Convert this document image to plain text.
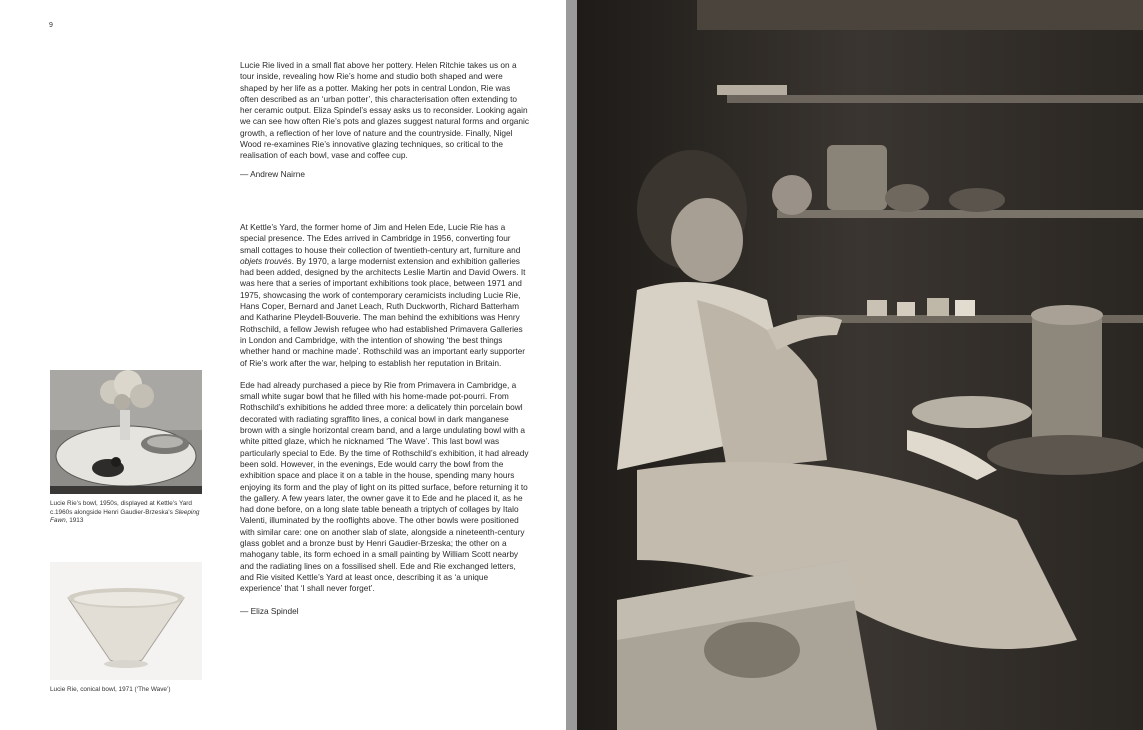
9

Lucie Rie lived in a small flat above her pottery. Helen Ritchie takes us on a tour inside, revealing how Rie’s home and studio both shaped and were shaped by her life as a potter. Making her pots in central London, Rie was often described as an ‘urban potter’, this characterisation often extending to her ceramic output. Eliza Spindel’s essay asks us to reconsider. Looking again we can see how often Rie’s pots and glazes suggest natural forms and organic growth, a reflection of her love of nature and the countryside. Finally, Nigel Wood re-examines Rie’s innovative glazing techniques, so critical to the realisation of each bowl, vase and coffee cup.

— Andrew Nairne

At Kettle’s Yard, the former home of Jim and Helen Ede, Lucie Rie has a special presence. The Edes arrived in Cambridge in 1956, converting four small cottages to house their collection of twentieth-century art, furniture and objets trouvés. By 1970, a large modernist extension and exhibition galleries had been added, designed by the architects Leslie Martin and David Owers. It was here that a series of important exhibitions took place, between 1971 and 1975, showcasing the work of contemporary ceramicists including Lucie Rie, Hans Coper, Bernard and Janet Leach, Ruth Duckworth, Richard Batterham and Katharine Pleydell-Bouverie. The man behind the exhibitions was Henry Rothschild, a fellow Jewish refugee who had established Primavera Galleries in London and Cambridge, with the intention of showing ‘the best things whether hand or machine made’. Rothschild was an important early supporter of Rie’s work after the war, helping to establish her reputation in Britain.

Ede had already purchased a piece by Rie from Primavera in Cambridge, a small white sugar bowl that he filled with his home-made pot-pourri. From Rothschild’s exhibitions he added three more: a delicately thin porcelain bowl decorated with radiating sgraffito lines, a conical bowl in dark manganese brown with a single horizontal cream band, and a large undulating bowl with a white pitted glaze, which he nicknamed ‘The Wave’. This last bowl was particularly special to Ede. By the time of Rothschild’s exhibition, it had already been sold. However, in the evenings, Ede would carry the bowl from the exhibition space and place it on a table in the house, spending many hours enjoying its form and the play of light on its pitted surface, before returning it to the gallery. A few years later, the owner gave it to Ede and he placed it, as he had done before, on a long slate table beneath a triptych of collages by Italo Valenti, illuminated by the rooflights above. The other bowls were positioned with similar care: one on another slab of slate, alongside a nineteenth-century glass goblet and a bronze bust by Henri Gaudier-Brzeska; the other on a mahogany table, its form echoed in a small painting by William Scott nearby and the radiating lines on a fossilised shell. Ede and Rie exchanged letters, and Rie visited Kettle’s Yard at least once, describing it as ‘a unique experience’ that ‘I shall never forget’.

— Eliza Spindel

Lucie Rie’s bowl, 1950s, displayed at Kettle’s Yard c.1960s alongside Henri Gaudier-Brzeska’s Sleeping Fawn, 1913
Lucie Rie, conical bowl, 1971 (‘The Wave’)
